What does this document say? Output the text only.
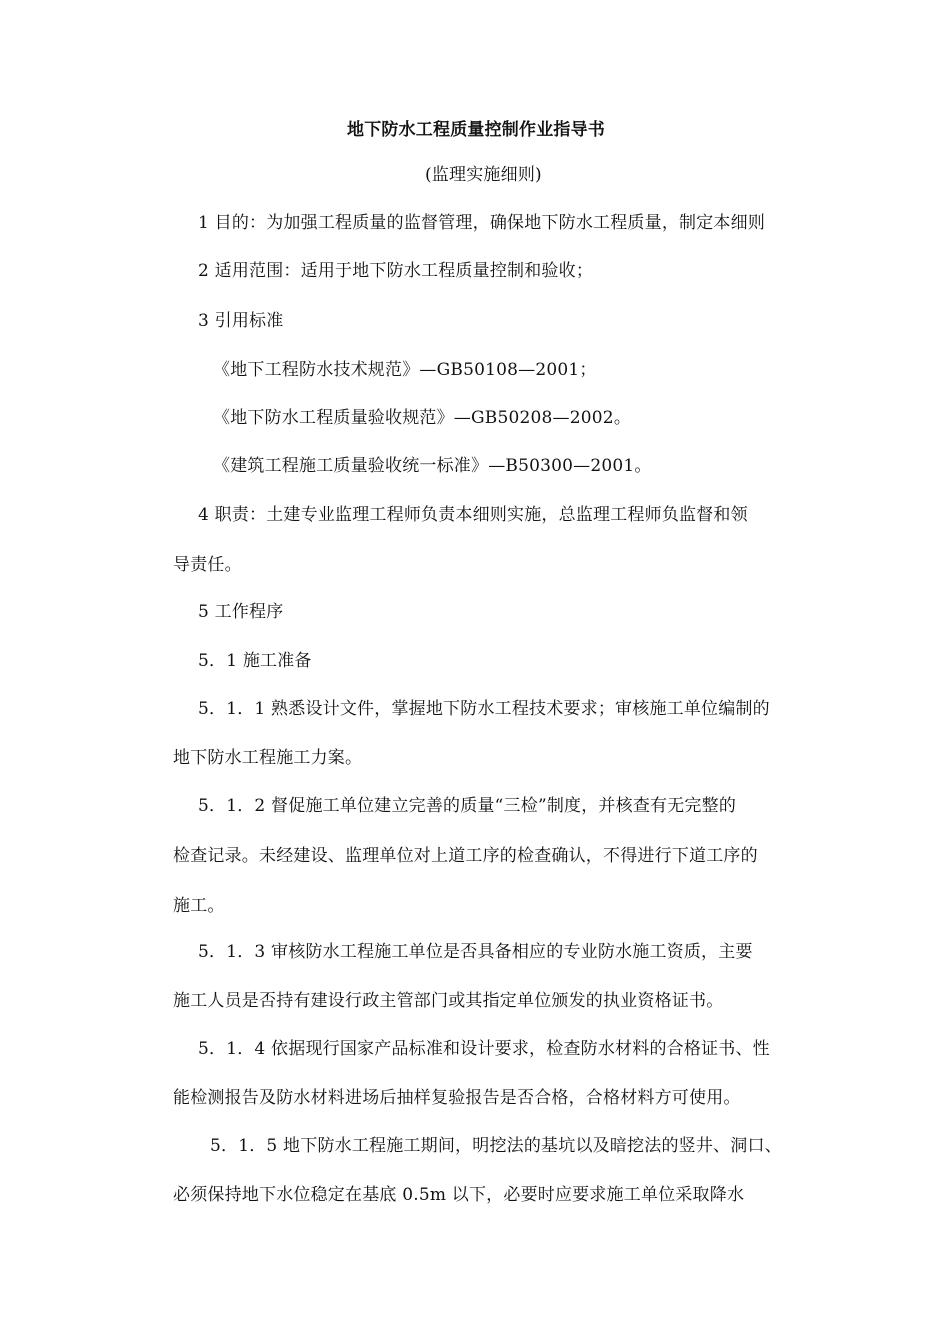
地下防水工程质量控制作业指导书
(监理实施细则)
1 目的：为加强工程质量的监督管理，确保地下防水工程质量，制定本细则
2 适用范围：适用于地下防水工程质量控制和验收；
3 引用标准
《地下工程防水技术规范》—GB50108—2001；
《地下防水工程质量验收规范》—GB50208—2002。
《建筑工程施工质量验收统一标准》—B50300—2001。
4 职责：土建专业监理工程师负责本细则实施，总监理工程师负监督和领
导责任。
5 工作程序
5．1 施工准备
5．1．1 熟悉设计文件，掌握地下防水工程技术要求；审核施工单位编制的
地下防水工程施工力案。
5．1．2 督促施工单位建立完善的质量“三检”制度，并核查有无完整的
检查记录。未经建设、监理单位对上道工序的检查确认，不得进行下道工序的
施工。
5．1．3 审核防水工程施工单位是否具备相应的专业防水施工资质，主要
施工人员是否持有建设行政主管部门或其指定单位颁发的执业资格证书。
5．1．4 依据现行国家产品标准和设计要求，检查防水材料的合格证书、性
能检测报告及防水材料进场后抽样复验报告是否合格，合格材料方可使用。
5．1．5 地下防水工程施工期间，明挖法的基坑以及暗挖法的竖井、洞口、
必须保持地下水位稳定在基底 0.5m 以下，必要时应要求施工单位采取降水
